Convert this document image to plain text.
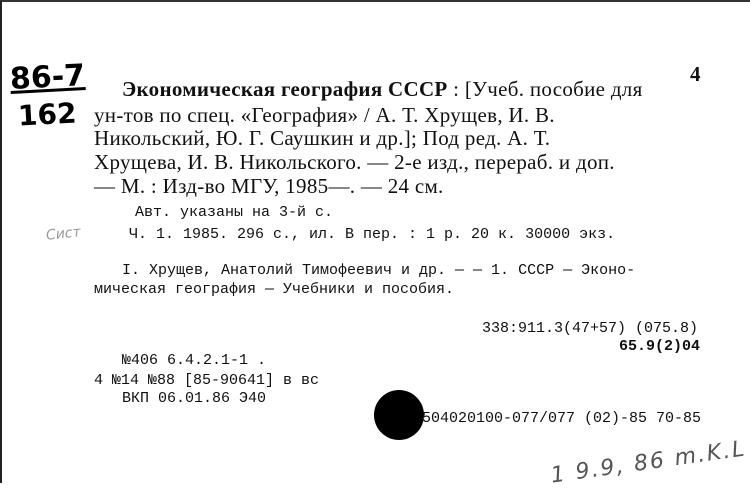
86-7
162
4
Экономическая география СССР : [Учеб. пособие для
ун-тов по спец. «География» / А. Т. Хрущев, И. В.
Никольский, Ю. Г. Саушкин и др.]; Под ред. А. Т.
Хрущева, И. В. Никольского. — 2-е изд., перераб. и доп.
— М. : Изд-во МГУ, 1985—. — 24 см.
Авт. указаны на 3-й с.
Сист	Ч. 1. 1985. 296 с., ил. В пер. : 1 р. 20 к. 30000 экз.
I. Хрущев, Анатолий Тимофеевич и др. — — 1. СССР — Эконо-
мическая география — Учебники и пособия.
338:911.3(47+57) (075.8)
65.9(2)04
№406 6.4.2.1-1 .
4 №14 №88 [85-90641] в вс
ВКП 06.01.86 Э40
504020100-077/077 (02)-85 70-85
1 9.9, 86 m.K.L
